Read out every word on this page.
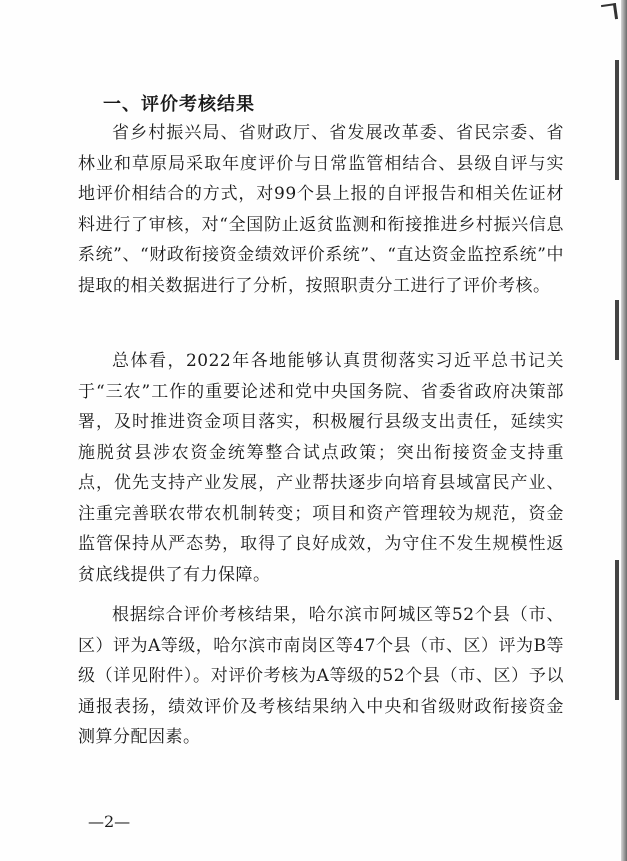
一、评价考核结果
省乡村振兴局、省财政厅、省发展改革委、省民宗委、省林业和草原局采取年度评价与日常监管相结合、县级自评与实地评价相结合的方式，对99个县上报的自评报告和相关佐证材料进行了审核，对“全国防止返贫监测和衔接推进乡村振兴信息系统”、“财政衔接资金绩效评价系统”、“直达资金监控系统”中提取的相关数据进行了分析，按照职责分工进行了评价考核。
总体看，2022年各地能够认真贯彻落实习近平总书记关于“三农”工作的重要论述和党中央国务院、省委省政府决策部署，及时推进资金项目落实，积极履行县级支出责任，延续实施脱贫县涉农资金统筹整合试点政策；突出衔接资金支持重点，优先支持产业发展，产业帮扶逐步向培育县域富民产业、注重完善联农带农机制转变；项目和资产管理较为规范，资金监管保持从严态势，取得了良好成效，为守住不发生规模性返贫底线提供了有力保障。
根据综合评价考核结果，哈尔滨市阿城区等52个县（市、区）评为A等级，哈尔滨市南岗区等47个县（市、区）评为B等级（详见附件）。对评价考核为A等级的52个县（市、区）予以通报表扬，绩效评价及考核结果纳入中央和省级财政衔接资金测算分配因素。
—2—
